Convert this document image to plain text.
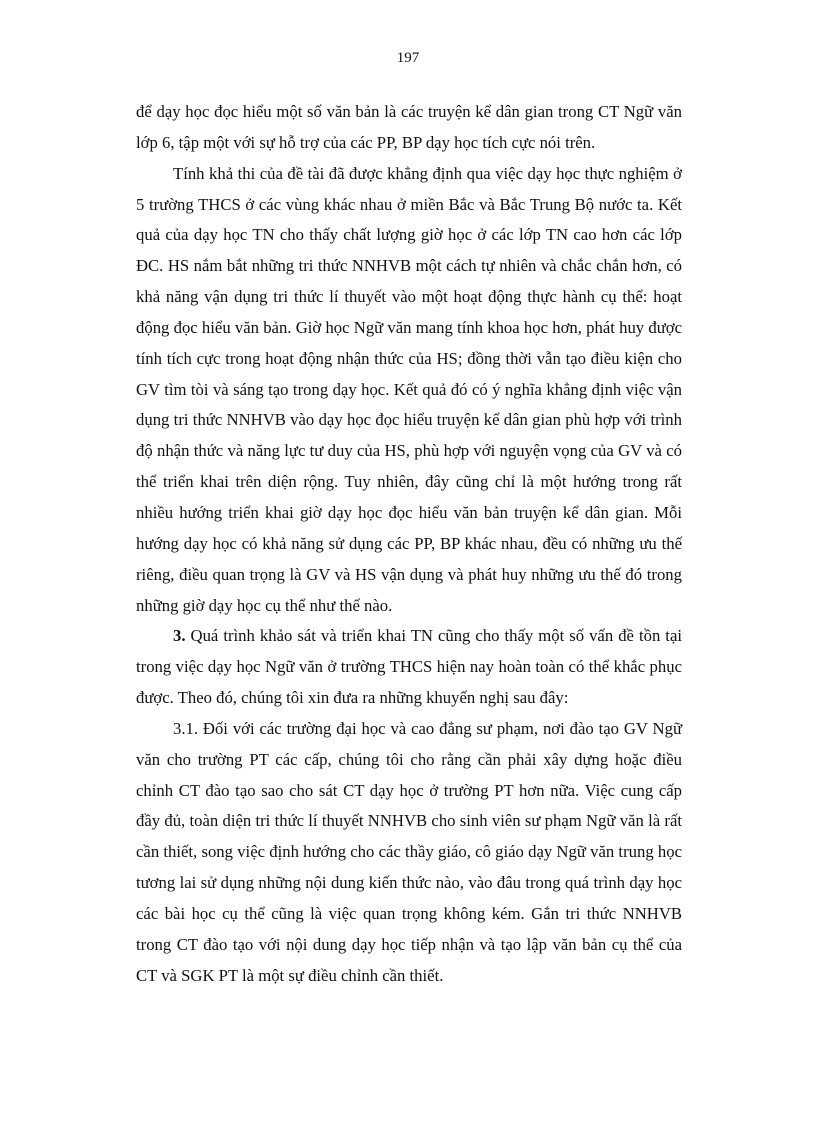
197

để dạy học đọc hiểu một số văn bản là các truyện kể dân gian trong CT Ngữ văn lớp 6, tập một với sự hỗ trợ của các PP, BP dạy học tích cực nói trên.

Tính khả thi của đề tài đã được khẳng định qua việc dạy học thực nghiệm ở 5 trường THCS ở các vùng khác nhau ở miền Bắc và Bắc Trung Bộ nước ta. Kết quả của dạy học TN cho thấy chất lượng giờ học ở các lớp TN cao hơn các lớp ĐC. HS nắm bắt những tri thức NNHVB một cách tự nhiên và chắc chắn hơn, có khả năng vận dụng tri thức lí thuyết vào một hoạt động thực hành cụ thể: hoạt động đọc hiểu văn bản. Giờ học Ngữ văn mang tính khoa học hơn, phát huy được tính tích cực trong hoạt động nhận thức của HS; đồng thời vẫn tạo điều kiện cho GV tìm tòi và sáng tạo trong dạy học. Kết quả đó có ý nghĩa khẳng định việc vận dụng tri thức NNHVB vào dạy học đọc hiểu truyện kể dân gian phù hợp với trình độ nhận thức và năng lực tư duy của HS, phù hợp với nguyện vọng của GV và có thể triển khai trên diện rộng. Tuy nhiên, đây cũng chỉ là một hướng trong rất nhiều hướng triển khai giờ dạy học đọc hiểu văn bản truyện kể dân gian. Mỗi hướng dạy học có khả năng sử dụng các PP, BP khác nhau, đều có những ưu thế riêng, điều quan trọng là GV và HS vận dụng và phát huy những ưu thế đó trong những giờ dạy học cụ thể như thế nào.

3. Quá trình khảo sát và triển khai TN cũng cho thấy một số vấn đề tồn tại trong việc dạy học Ngữ văn ở trường THCS hiện nay hoàn toàn có thể khắc phục được. Theo đó, chúng tôi xin đưa ra những khuyến nghị sau đây:

3.1. Đối với các trường đại học và cao đẳng sư phạm, nơi đào tạo GV Ngữ văn cho trường PT các cấp, chúng tôi cho rằng cần phải xây dựng hoặc điều chỉnh CT đào tạo sao cho sát CT dạy học ở trường PT hơn nữa. Việc cung cấp đầy đủ, toàn diện tri thức lí thuyết NNHVB cho sinh viên sư phạm Ngữ văn là rất cần thiết, song việc định hướng cho các thầy giáo, cô giáo dạy Ngữ văn trung học tương lai sử dụng những nội dung kiến thức nào, vào đâu trong quá trình dạy học các bài học cụ thể cũng là việc quan trọng không kém. Gắn tri thức NNHVB trong CT đào tạo với nội dung dạy học tiếp nhận và tạo lập văn bản cụ thể của CT và SGK PT là một sự điều chỉnh cần thiết.
